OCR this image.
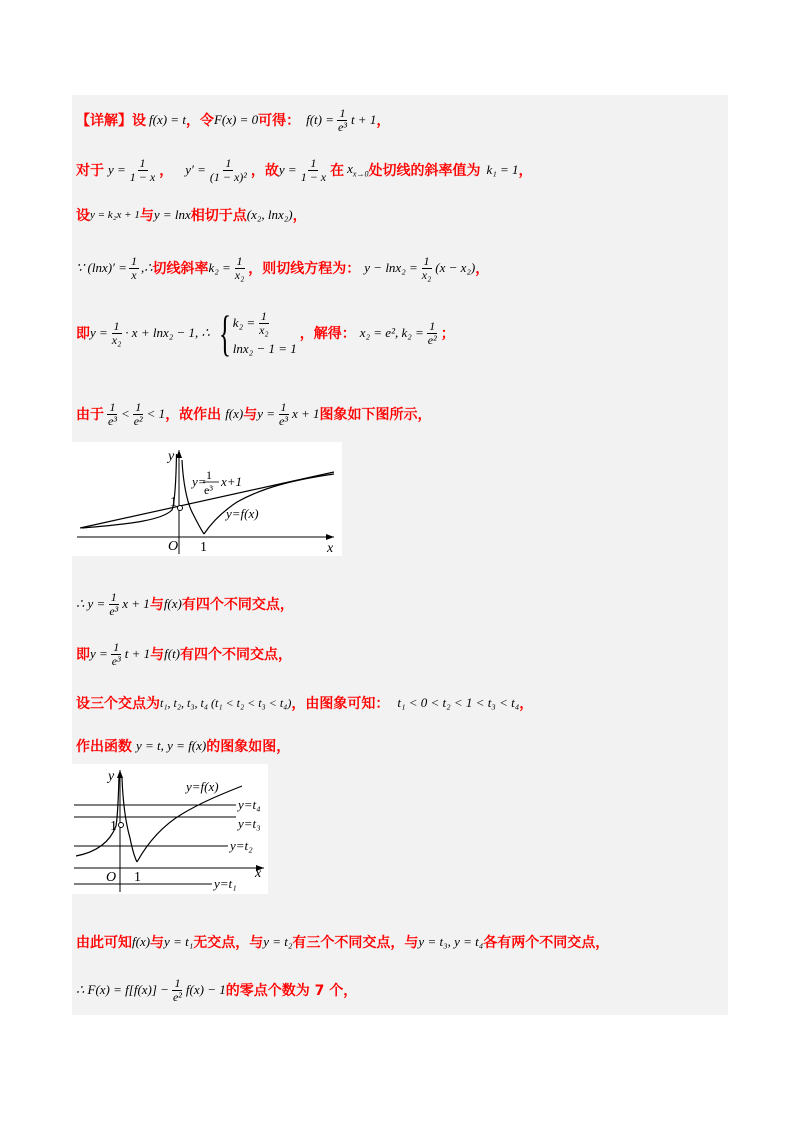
【详解】设 f (x) = t ，令 F (x) = 0 可得： $f(t) = \frac{1}{\text{e³}}$ t + 1 ，
对于 $y = \frac{1}{1 - x}$ ， $y' = \frac{1}{\text{(1 − x)²}}$ ，故 $y = \frac{1}{1 - x}$ 在 $x_{x\to 0}$ 处切线的斜率值为 k₁ = 1 ，
设 y = k₂x + 1 与 y = lnx 相切于点 (x₂, lnx₂) ，
∵ $(\ln x)' = \frac{1}{x}$ ,∴ 切线斜率 $k_2 = \frac{1}{\text{x₂}}$ ，则切线方程为： $y - \ln x_2 = \frac{1}{\text{x₂}} (x - x_2)$ ，
即 $y = \frac{1}{\text{x₂}} \cdot x + \ln x_2 - 1$, ∴ { $k_2 = \frac{1}{\text{x₂}}$
lnx₂ − 1 = 1
，解得： x₂ = e², $k_2 = \frac{1}{\text{e²}}$ ；
由于 $\frac{1}{\text{e³}} < \frac{1}{\text{e²}} < 1$ ，故作出 f(x) 与 $y = \frac{1}{\text{e³}}$ x + 1 图象如下图所示，
y
x
O
1
1
y= 1
e³
x+1
y=f(x)
∴ $y = \frac{1}{\text{e³}}$ x + 1 与 f(x) 有四个不同交点，
即 $y = \frac{1}{\text{e³}}$ t + 1 与 f(t) 有四个不同交点，
设三个交点为 t₁, t₂, t₃, t₄ (t₁ < t₂ < t₃ < t₄) ，由图象可知： t₁ < 0 < t₂ < 1 < t₃ < t₄ ，
作出函数 y = t, y = f(x) 的图象如图，
y
x
O
1
1
y=f(x)
y=t₄
y=t₃
y=t₂
y=t₁
由此可知 f(x) 与 y = t₁ 无交点，与 y = t₂ 有三个不同交点，与 y = t₃, y = t₄ 各有两个不同交点，
∴ $F(x) = f[f(x)] - \frac{1}{\text{e²}} f(x) - 1$ 的零点个数为 7 个，
